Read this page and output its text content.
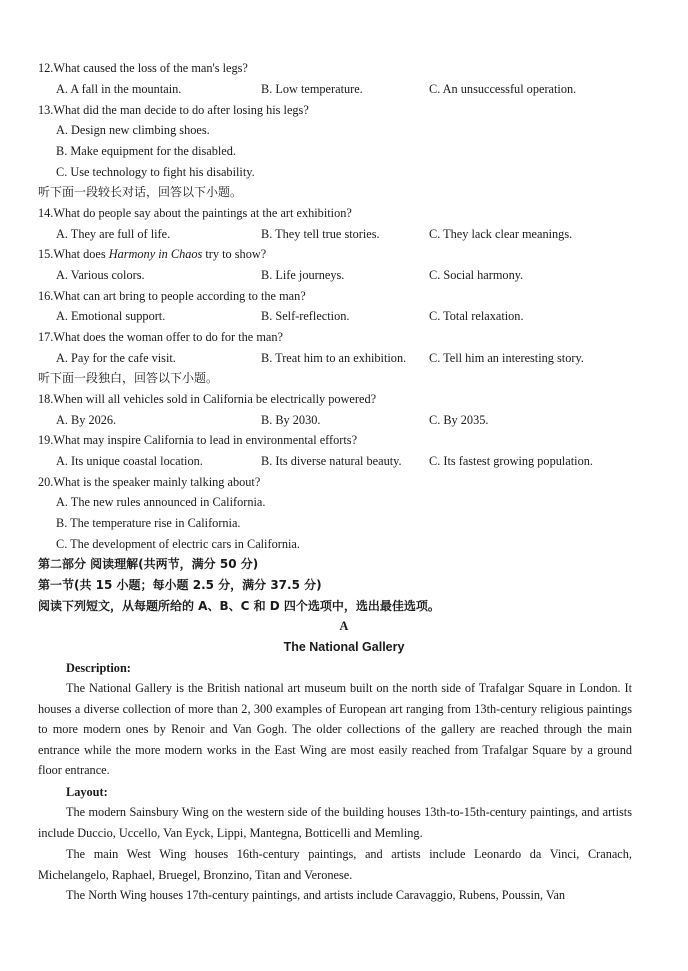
12.What caused the loss of the man's legs?
A. A fall in the mountain.	B. Low temperature.	C. An unsuccessful operation.
13.What did the man decide to do after losing his legs?
A. Design new climbing shoes.
B. Make equipment for the disabled.
C. Use technology to fight his disability.
听下面一段较长对话，回答以下小题。
14.What do people say about the paintings at the art exhibition?
A. They are full of life.	B. They tell true stories.	C. They lack clear meanings.
15.What does Harmony in Chaos try to show?
A. Various colors.	B. Life journeys.	C. Social harmony.
16.What can art bring to people according to the man?
A. Emotional support.	B. Self-reflection.	C. Total relaxation.
17.What does the woman offer to do for the man?
A. Pay for the cafe visit.	B. Treat him to an exhibition. C. Tell him an interesting story.
听下面一段独白，回答以下小题。
18.When will all vehicles sold in California be electrically powered?
A. By 2026.	B. By 2030.	C. By 2035.
19.What may inspire California to lead in environmental efforts?
A. Its unique coastal location.	B. Its diverse natural beauty. C. Its fastest growing population.
20.What is the speaker mainly talking about?
A. The new rules announced in California.
B. The temperature rise in California.
C. The development of electric cars in California.
第二部分 阅读理解(共两节，满分 50 分)
第一节(共 15 小题；每小题 2.5 分，满分 37.5 分)
阅读下列短文，从每题所给的 A、B、C 和 D 四个选项中，选出最佳选项。
A
The National Gallery
Description:
The National Gallery is the British national art museum built on the north side of Trafalgar Square in London. It houses a diverse collection of more than 2, 300 examples of European art ranging from 13th-century religious paintings to more modern ones by Renoir and Van Gogh. The older collections of the gallery are reached through the main entrance while the more modern works in the East Wing are most easily reached from Trafalgar Square by a ground floor entrance.
Layout:
The modern Sainsbury Wing on the western side of the building houses 13th-to-15th-century paintings, and artists include Duccio, Uccello, Van Eyck, Lippi, Mantegna, Botticelli and Memling.
The main West Wing houses 16th-century paintings, and artists include Leonardo da Vinci, Cranach, Michelangelo, Raphael, Bruegel, Bronzino, Titan and Veronese.
The North Wing houses 17th-century paintings, and artists include Caravaggio, Rubens, Poussin, Van
